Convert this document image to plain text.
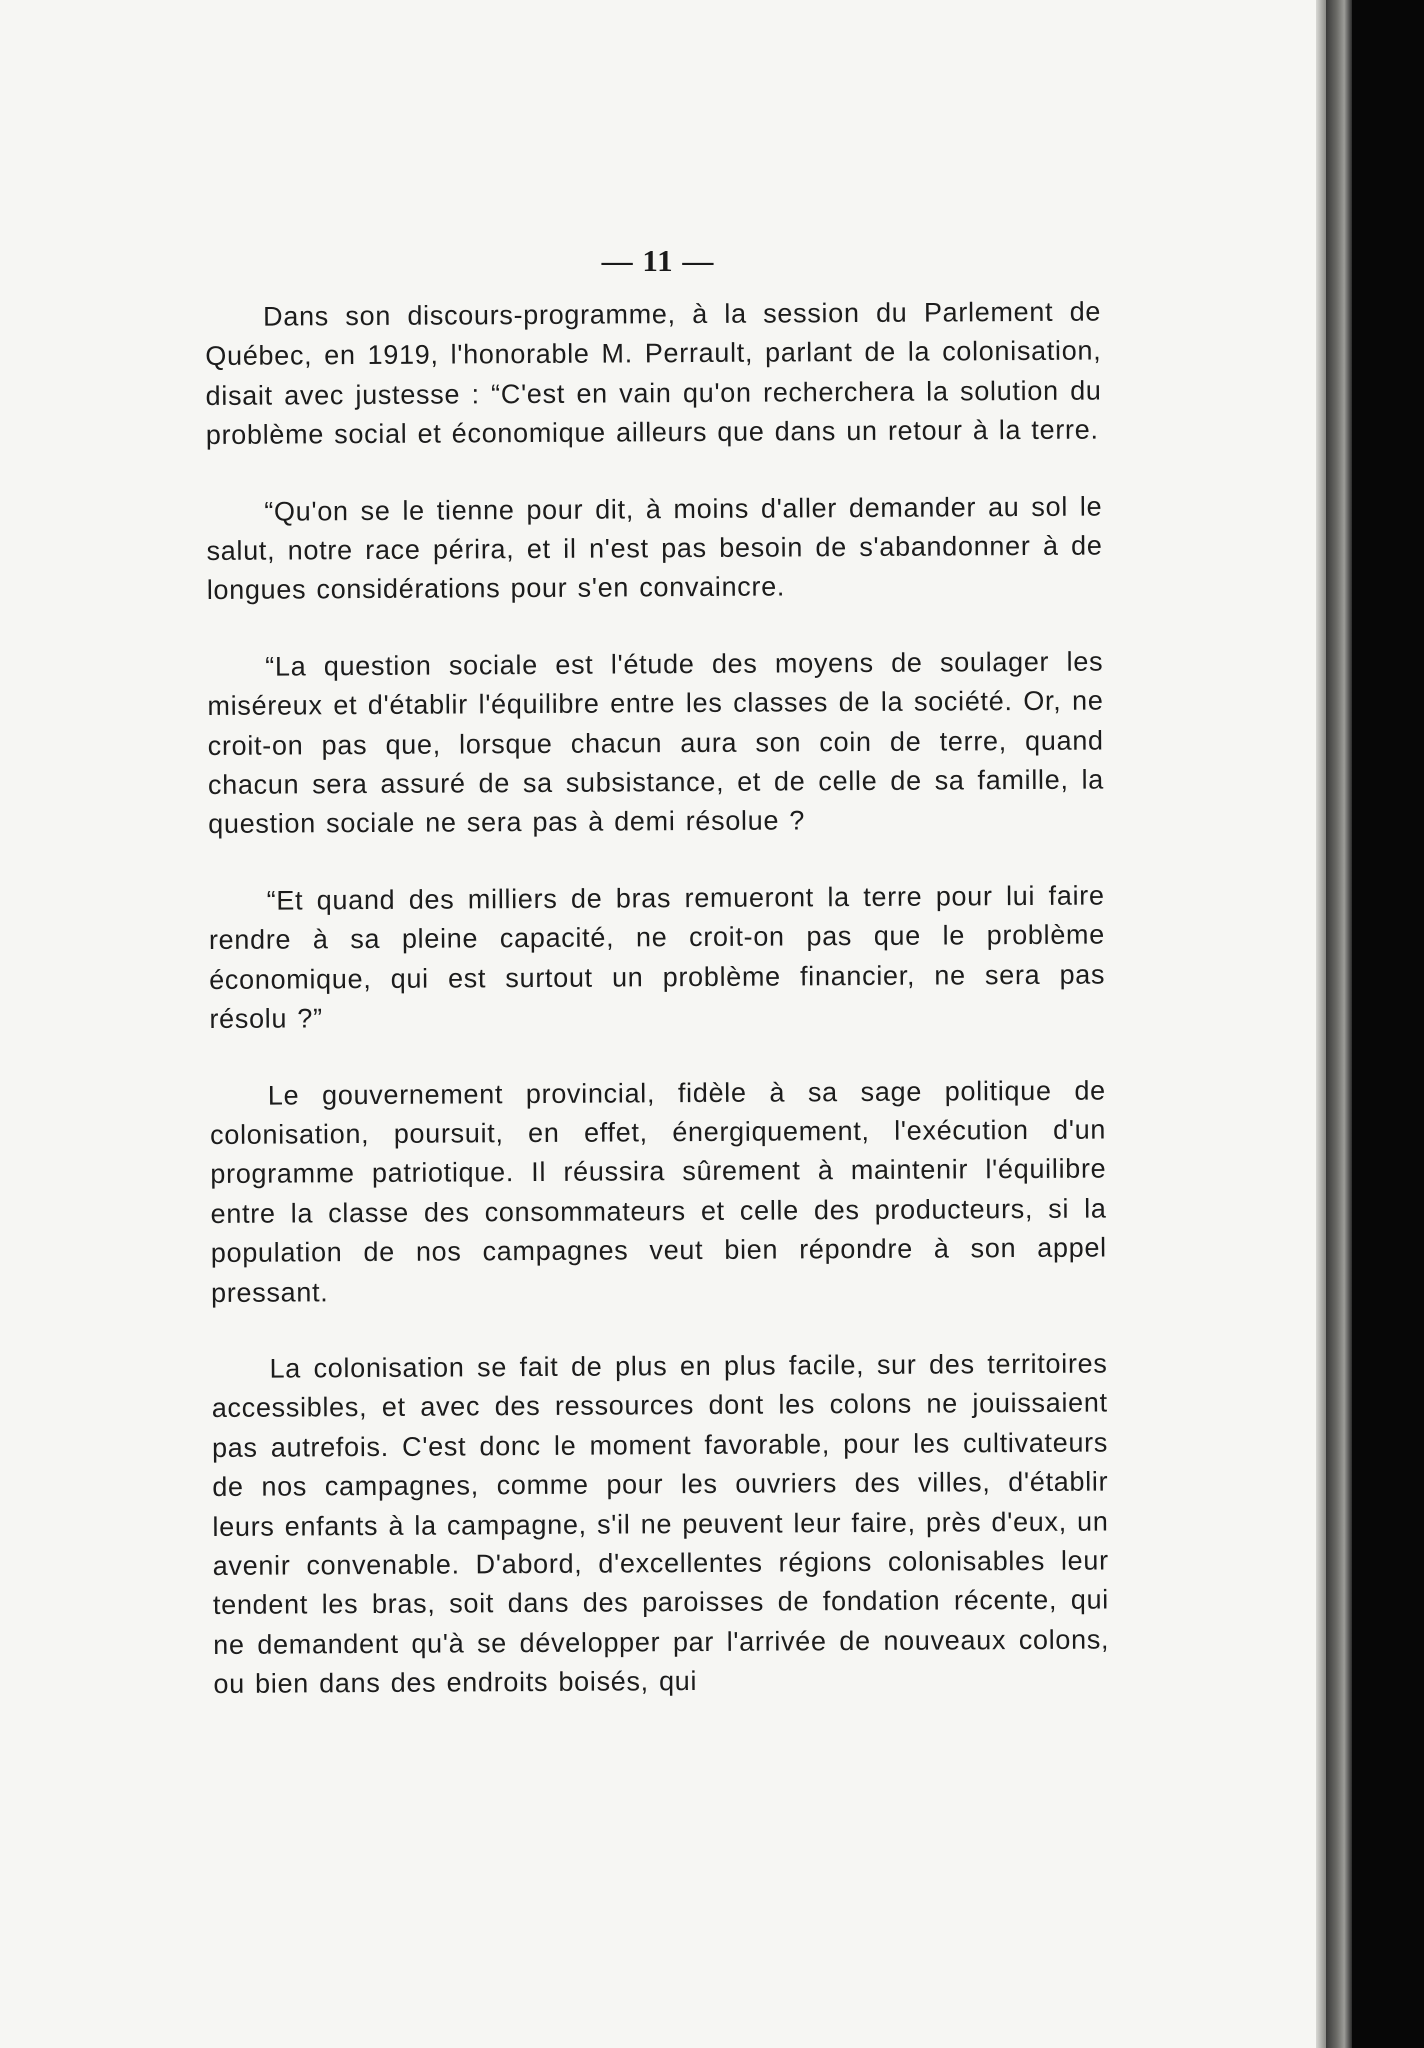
— 11 —

Dans son discours-programme, à la session du Parlement de Québec, en 1919, l'honorable M. Perrault, parlant de la colonisation, disait avec justesse : “C'est en vain qu'on recherchera la solution du problème social et économique ailleurs que dans un retour à la terre.

“Qu'on se le tienne pour dit, à moins d'aller demander au sol le salut, notre race périra, et il n'est pas besoin de s'abandonner à de longues considérations pour s'en convaincre.

“La question sociale est l'étude des moyens de soulager les miséreux et d'établir l'équilibre entre les classes de la société. Or, ne croit-on pas que, lorsque chacun aura son coin de terre, quand chacun sera assuré de sa subsistance, et de celle de sa famille, la question sociale ne sera pas à demi résolue ?

“Et quand des milliers de bras remueront la terre pour lui faire rendre à sa pleine capacité, ne croit-on pas que le problème économique, qui est surtout un problème financier, ne sera pas résolu ?”

Le gouvernement provincial, fidèle à sa sage politique de colonisation, poursuit, en effet, énergiquement, l'exécution d'un programme patriotique. Il réussira sûrement à maintenir l'équilibre entre la classe des consommateurs et celle des producteurs, si la population de nos campagnes veut bien répondre à son appel pressant.

La colonisation se fait de plus en plus facile, sur des territoires accessibles, et avec des ressources dont les colons ne jouissaient pas autrefois. C'est donc le moment favorable, pour les cultivateurs de nos campagnes, comme pour les ouvriers des villes, d'établir leurs enfants à la campagne, s'il ne peuvent leur faire, près d'eux, un avenir convenable. D'abord, d'excellentes régions colonisables leur tendent les bras, soit dans des paroisses de fondation récente, qui ne demandent qu'à se développer par l'arrivée de nouveaux colons, ou bien dans des endroits boisés, qui
